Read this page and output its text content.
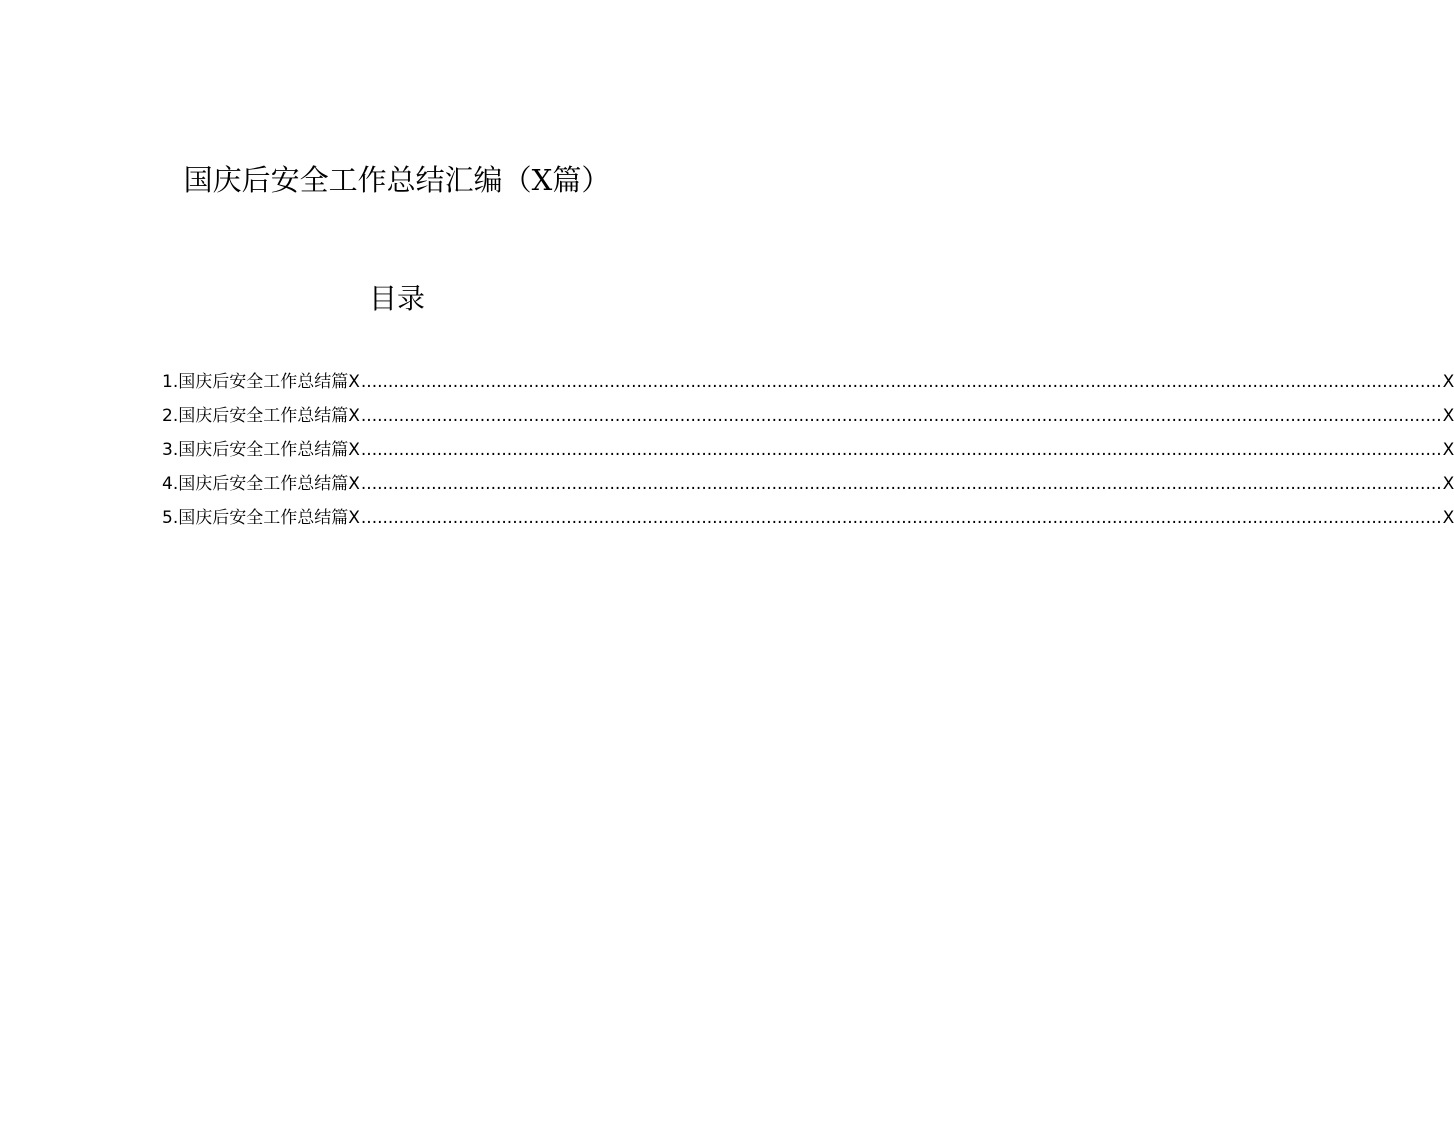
国庆后安全工作总结汇编（X篇）
目录
1. 国庆后安全工作总结篇X ........................................................................................................................................................................................................ X
2. 国庆后安全工作总结篇X ........................................................................................................................................................................................................ X
3. 国庆后安全工作总结篇X ........................................................................................................................................................................................................ X
4. 国庆后安全工作总结篇X ........................................................................................................................................................................................................ X
5. 国庆后安全工作总结篇X ........................................................................................................................................................................................................ X
